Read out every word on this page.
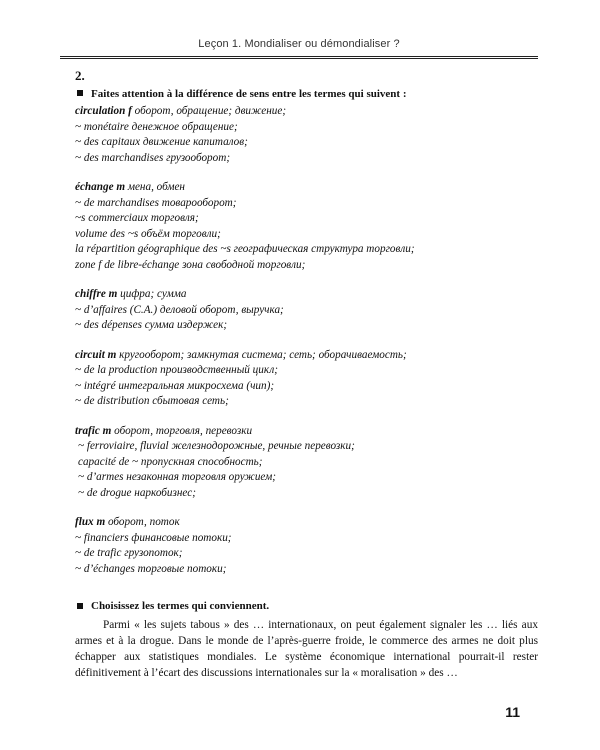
Leçon 1. Mondialiser ou démondialiser ?
2.
Faites attention à la différence de sens entre les termes qui suivent :
circulation f оборот, обращение; движение;
~ monétaire денежное обращение;
~ des capitaux движение капиталов;
~ des marchandises грузооборот;
échange m мена, обмен
~ de marchandises товарооборот;
~s commerciaux торговля;
volume des ~s объём торговли;
la répartition géographique des ~s географическая структура торговли;
zone f de libre-échange зона свободной торговли;
chiffre m цифра; сумма
~ d’affaires (C.A.) деловой оборот, выручка;
~ des dépenses сумма издержек;
circuit m кругооборот; замкнутая система; сеть; оборачиваемость;
~ de la production производственный цикл;
~ intégré интегральная микросхема (чип);
~ de distribution сбытовая сеть;
trafic m оборот, торговля, перевозки
~ ferroviaire, fluvial железнодорожные, речные перевозки;
capacité de ~ пропускная способность;
~ d’armes незаконная торговля оружием;
~ de drogue наркобизнес;
flux m оборот, поток
~ financiers финансовые потоки;
~ de trafic грузопоток;
~ d’échanges торговые потоки;
Choisissez les termes qui conviennent.

Parmi « les sujets tabous » des … internationaux, on peut également signaler les … liés aux armes et à la drogue. Dans le monde de l’après-guerre froide, le commerce des armes ne doit plus échapper aux statistiques mondiales. Le système économique international pourrait-il rester définitivement à l’écart des discussions internationales sur la « moralisation » des …

11
